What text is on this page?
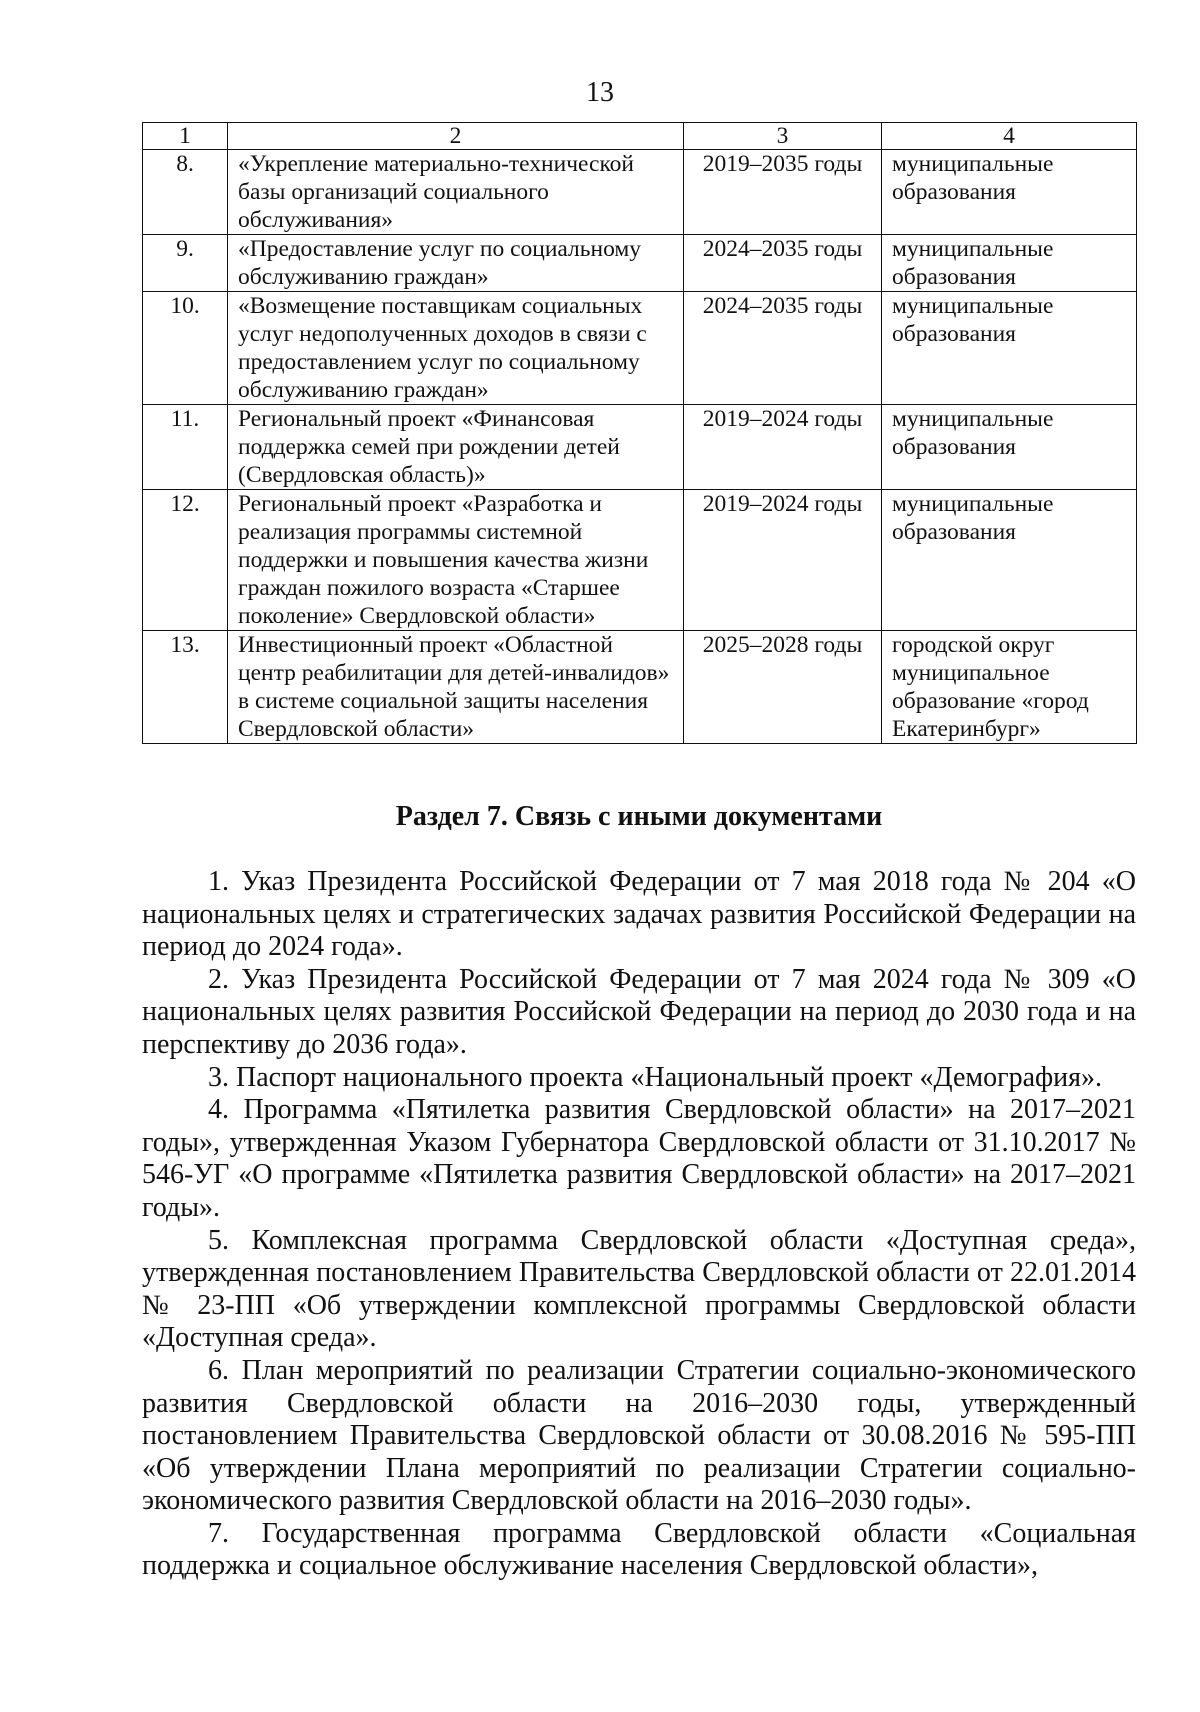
13
1	2	3	4
8.	«Укрепление материально-технической базы организаций социального обслуживания»	2019–2035 годы	муниципальные образования
9.	«Предоставление услуг по социальному обслуживанию граждан»	2024–2035 годы	муниципальные образования
10.	«Возмещение поставщикам социальных услуг недополученных доходов в связи с предоставлением услуг по социальному обслуживанию граждан»	2024–2035 годы	муниципальные образования
11.	Региональный проект «Финансовая поддержка семей при рождении детей (Свердловская область)»	2019–2024 годы	муниципальные образования
12.	Региональный проект «Разработка и реализация программы системной поддержки и повышения качества жизни граждан пожилого возраста «Старшее поколение» Свердловской области»	2019–2024 годы	муниципальные образования
13.	Инвестиционный проект «Областной центр реабилитации для детей-инвалидов» в системе социальной защиты населения Свердловской области»	2025–2028 годы	городской округ муниципальное образование «город Екатеринбург»
Раздел 7. Связь с иными документами

1. Указ Президента Российской Федерации от 7 мая 2018 года № 204 «О национальных целях и стратегических задачах развития Российской Федерации на период до 2024 года».

2. Указ Президента Российской Федерации от 7 мая 2024 года № 309 «О национальных целях развития Российской Федерации на период до 2030 года и на перспективу до 2036 года».

3. Паспорт национального проекта «Национальный проект «Демография».

4. Программа «Пятилетка развития Свердловской области» на 2017–2021 годы», утвержденная Указом Губернатора Свердловской области от 31.10.2017 № 546-УГ «О программе «Пятилетка развития Свердловской области» на 2017–2021 годы».

5. Комплексная программа Свердловской области «Доступная среда», утвержденная постановлением Правительства Свердловской области от 22.01.2014 № 23-ПП «Об утверждении комплексной программы Свердловской области «Доступная среда».

6. План мероприятий по реализации Стратегии социально-экономического развития Свердловской области на 2016–2030 годы, утвержденный постановлением Правительства Свердловской области от 30.08.2016 № 595-ПП «Об утверждении Плана мероприятий по реализации Стратегии социально-экономического развития Свердловской области на 2016–2030 годы».

7. Государственная программа Свердловской области «Социальная поддержка и социальное обслуживание населения Свердловской области»,
